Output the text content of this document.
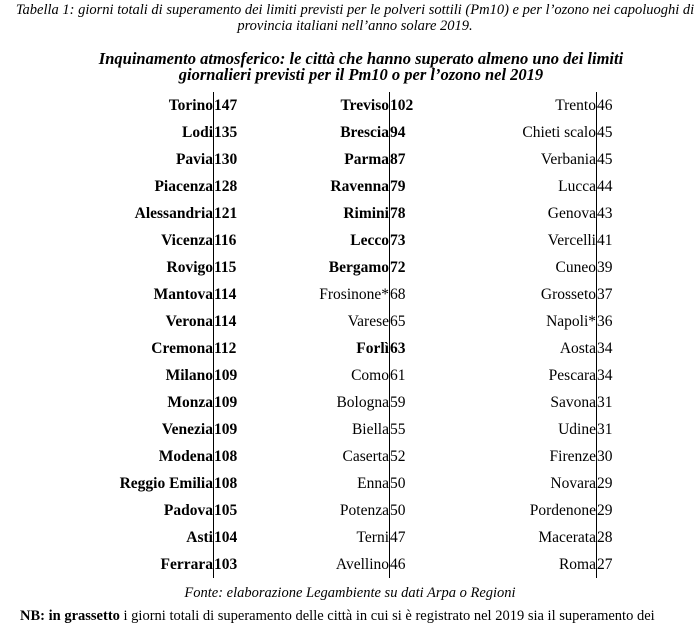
Tabella 1: giorni totali di superamento dei limiti previsti per le polveri sottili (Pm10) e per l’ozono nei capoluoghi di provincia italiani nell’anno solare 2019.
Inquinamento atmosferico: le città che hanno superato almeno uno dei limiti giornalieri previsti per il Pm10 o per l’ozono nel 2019
Torino	147	Treviso	102	Trento	46
Lodi	135	Brescia	94	Chieti scalo	45
Pavia	130	Parma	87	Verbania	45
Piacenza	128	Ravenna	79	Lucca	44
Alessandria	121	Rimini	78	Genova	43
Vicenza	116	Lecco	73	Vercelli	41
Rovigo	115	Bergamo	72	Cuneo	39
Mantova	114	Frosinone*	68	Grosseto	37
Verona	114	Varese	65	Napoli*	36
Cremona	112	Forlì	63	Aosta	34
Milano	109	Como	61	Pescara	34
Monza	109	Bologna	59	Savona	31
Venezia	109	Biella	55	Udine	31
Modena	108	Caserta	52	Firenze	30
Reggio Emilia	108	Enna	50	Novara	29
Padova	105	Potenza	50	Pordenone	29
Asti	104	Terni	47	Macerata	28
Ferrara	103	Avellino	46	Roma	27
Fonte: elaborazione Legambiente su dati Arpa o Regioni
NB: in grassetto i giorni totali di superamento delle città in cui si è registrato nel 2019 sia il superamento dei
